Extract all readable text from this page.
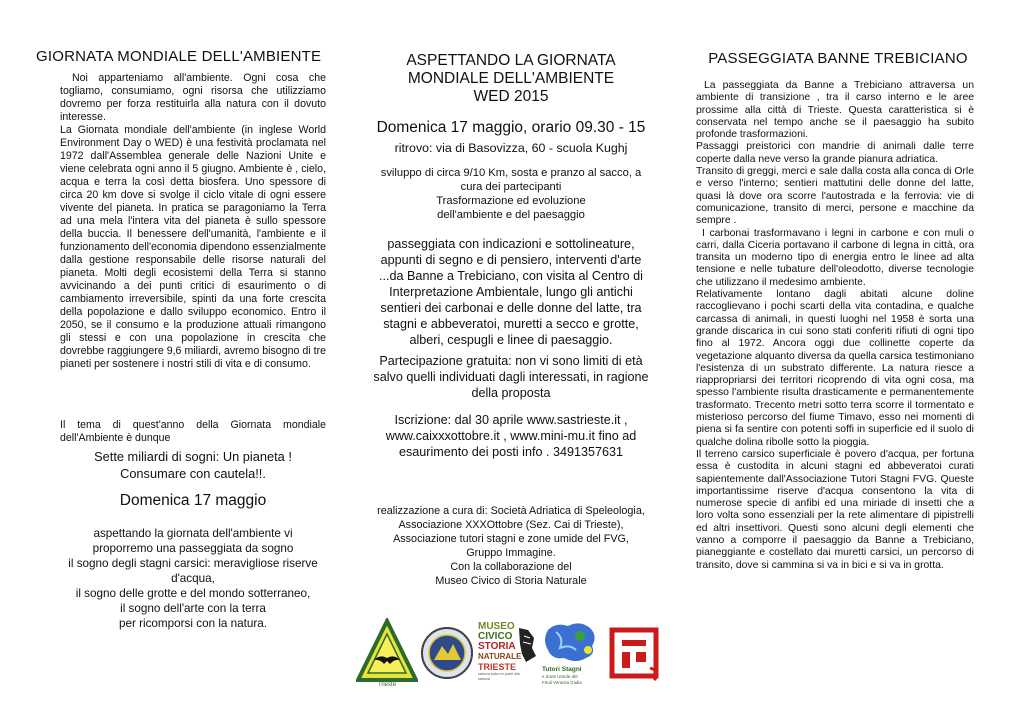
GIORNATA MONDIALE DELL'AMBIENTE

Noi apparteniamo all'ambiente. Ogni cosa che togliamo, consumiamo, ogni risorsa che utilizziamo dovremo per forza restituirla alla natura con il dovuto interesse.

La Giornata mondiale dell'ambiente (in inglese World Environment Day o WED) è una festività proclamata nel 1972 dall'Assemblea generale delle Nazioni Unite e viene celebrata ogni anno il 5 giugno. Ambiente è , cielo, acqua e terra la così detta biosfera. Uno spessore di circa 20 km dove si svolge il ciclo vitale di ogni essere vivente del pianeta. In pratica se paragoniamo la Terra ad una mela l'intera vita del pianeta è sullo spessore della buccia. Il benessere dell'umanità, l'ambiente e il funzionamento dell'economia dipendono essenzialmente dalla gestione responsabile delle risorse naturali del pianeta. Molti degli ecosistemi della Terra si stanno avvicinando a dei punti critici di esaurimento o di cambiamento irreversibile, spinti da una forte crescita della popolazione e dallo sviluppo economico. Entro il 2050, se il consumo e la produzione attuali rimangono gli stessi e con una popolazione in crescita che dovrebbe raggiungere 9,6 miliardi, avremo bisogno di tre pianeti per sostenere i nostri stili di vita e di consumo.

Il tema di quest'anno della Giornata mondiale dell'Ambiente è dunque
Sette miliardi di sogni: Un pianeta ! Consumare con cautela!!.
Domenica 17 maggio
aspettando la giornata dell'ambiente vi
proporremo una passeggiata da sogno
il sogno degli stagni carsici: meravigliose riserve
d'acqua,
il sogno delle grotte e del mondo sotterraneo,
il sogno dell'arte con la terra
per ricomporsi con la natura.
ASPETTANDO LA GIORNATA
MONDIALE DELL'AMBIENTE
WED 2015
Domenica 17 maggio, orario 09.30 - 15
ritrovo: via di Basovizza, 60 - scuola Kughj
sviluppo di circa 9/10 Km, sosta e pranzo al sacco, a
cura dei partecipanti
Trasformazione ed evoluzione
dell'ambiente e del paesaggio
passeggiata con indicazioni e sottolineature,
appunti di segno e di pensiero, interventi d'arte
...da Banne a Trebiciano, con visita al Centro di
Interpretazione Ambientale, lungo gli antichi
sentieri dei carbonai e delle donne del latte, tra
stagni e abbeveratoi, muretti a secco e grotte,
alberi, cespugli e linee di paesaggio.
Partecipazione gratuita: non vi sono limiti di età
salvo quelli individuati dagli interessati, in ragione
della proposta
Iscrizione: dal 30 aprile www.sastrieste.it ,
www.caixxxottobre.it , www.mini-mu.it fino ad
esaurimento dei posti info . 3491357631
realizzazione a cura di: Società Adriatica di Speleologia,
Associazione XXXOttobre (Sez. Cai di Trieste),
Associazione tutori stagni e zone umide del FVG,
Gruppo Immagine.
Con la collaborazione del
Museo Civico di Storia Naturale
Trieste
MUSEO
CIVICO
STORIA
NATURALE
TRIESTE
scienza tutta e in parte alla scienza
Tutori Stagni
e Zone Umide del
Friuli Venezia Giulia
PASSEGGIATA BANNE TREBICIANO

La passeggiata da Banne a Trebiciano attraversa un ambiente di transizione , tra il carso interno e le aree prossime alla città di Trieste. Questa caratteristica si è conservata nel tempo anche se il paesaggio ha subito profonde trasformazioni.

Passaggi preistorici con mandrie di animali dalle terre coperte dalla neve verso la grande pianura adriatica.

Transito di greggi, merci e sale dalla costa alla conca di Orle e verso l'interno; sentieri mattutini delle donne del latte, quasi là dove ora scorre l'autostrada e la ferrovia: vie di comunicazione, transito di merci, persone e macchine da sempre .

I carbonai trasformavano i legni in carbone e con muli o carri, dalla Ciceria portavano il carbone di legna in città, ora transita un moderno tipo di energia entro le linee ad alta tensione e nelle tubature dell'oleodotto, diverse tecnologie che utilizzano il medesimo ambiente.

Relativamente lontano dagli abitati alcune doline raccoglievano i pochi scarti della vita contadina, e qualche carcassa di animali, in questi luoghi nel 1958 è sorta una grande discarica in cui sono stati conferiti rifiuti di ogni tipo fino al 1972. Ancora oggi due collinette coperte da vegetazione alquanto diversa da quella carsica testimoniano l'esistenza di un substrato differente. La natura riesce a riappropriarsi dei territori ricoprendo di vita ogni cosa, ma spesso l'ambiente risulta drasticamente e permanentemente trasformato. Trecento metri sotto terra scorre il tormentato e misterioso percorso del fiume Timavo, esso nei momenti di piena si fa sentire con potenti soffi in superficie ed il suolo di qualche dolina ribolle sotto la pioggia.

Il terreno carsico superficiale è povero d'acqua, per fortuna essa è custodita in alcuni stagni ed abbeveratoi curati sapientemente dall'Associazione Tutori Stagni FVG. Queste importantissime riserve d'acqua consentono la vita di numerose specie di anfibi ed una miriade di insetti che a loro volta sono essenziali per la rete alimentare di pipistrelli ed altri insettivori. Questi sono alcuni degli elementi che vanno a comporre il paesaggio da Banne a Trebiciano, pianeggiante e costellato dai muretti carsici, un percorso di transito, dove si cammina si va in bici e si va in grotta.
